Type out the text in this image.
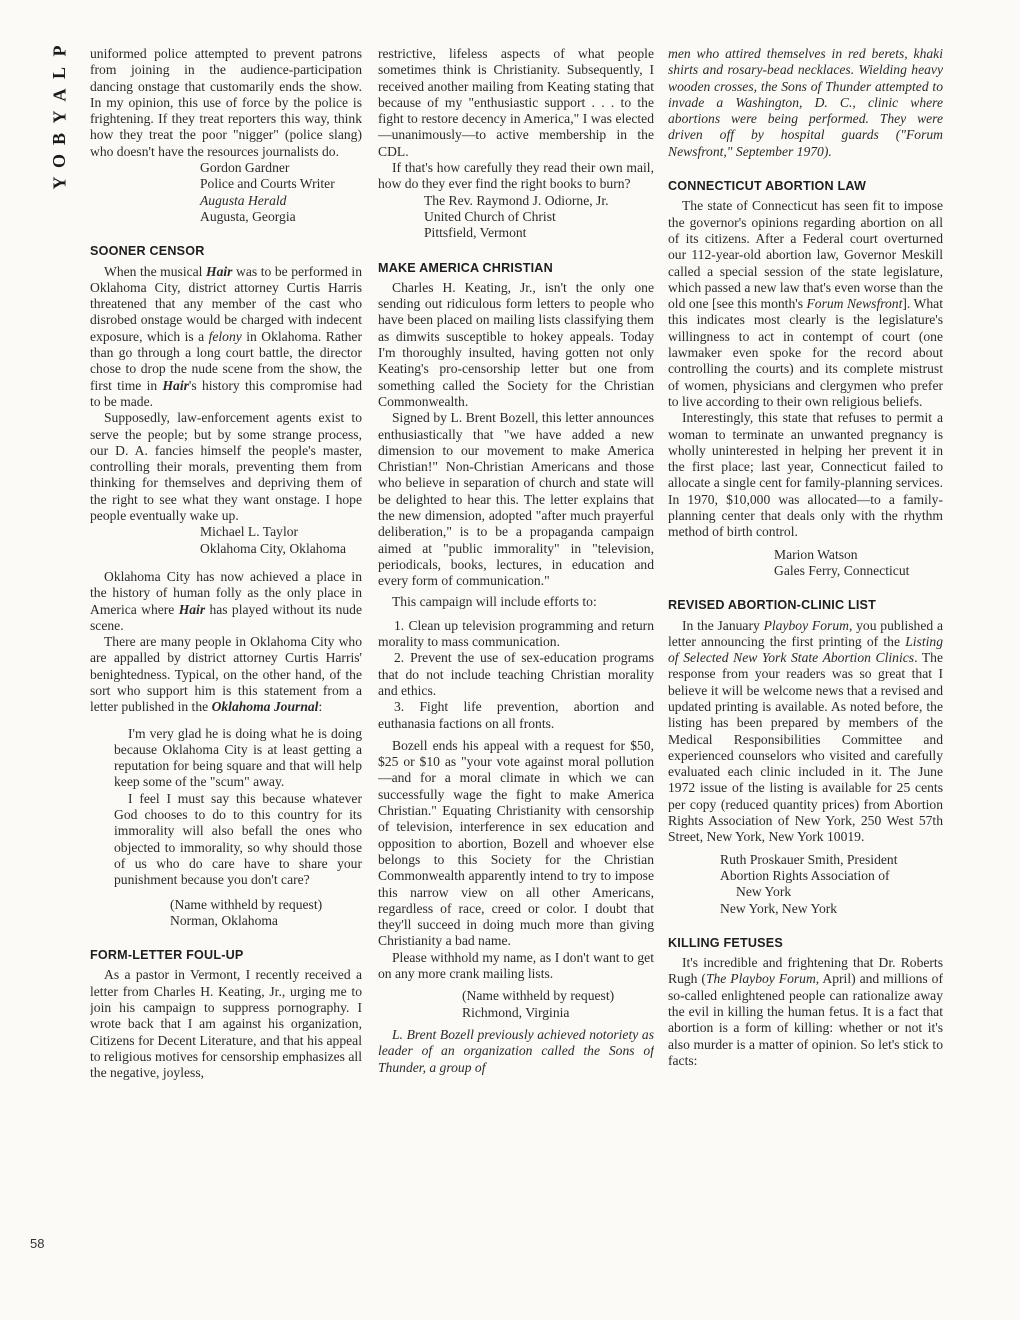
P
L
A
Y
B
O
Y
58

uniformed police attempted to prevent patrons from joining in the audience-participation dancing onstage that customarily ends the show. In my opinion, this use of force by the police is frightening. If they treat reporters this way, think how they treat the poor "nigger" (police slang) who doesn't have the resources journalists do.

Gordon Gardner
Police and Courts Writer
Augusta Herald
Augusta, Georgia
SOONER CENSOR

When the musical Hair was to be performed in Oklahoma City, district attorney Curtis Harris threatened that any member of the cast who disrobed onstage would be charged with indecent exposure, which is a felony in Oklahoma. Rather than go through a long court battle, the director chose to drop the nude scene from the show, the first time in Hair's history this compromise had to be made.

Supposedly, law-enforcement agents exist to serve the people; but by some strange process, our D. A. fancies himself the people's master, controlling their morals, preventing them from thinking for themselves and depriving them of the right to see what they want onstage. I hope people eventually wake up.

Michael L. Taylor
Oklahoma City, Oklahoma

Oklahoma City has now achieved a place in the history of human folly as the only place in America where Hair has played without its nude scene.

There are many people in Oklahoma City who are appalled by district attorney Curtis Harris' benightedness. Typical, on the other hand, of the sort who support him is this statement from a letter published in the Oklahoma Journal:

I'm very glad he is doing what he is doing because Oklahoma City is at least getting a reputation for being square and that will help keep some of the "scum" away.

I feel I must say this because whatever God chooses to do to this country for its immorality will also befall the ones who objected to immorality, so why should those of us who do care have to share your punishment because you don't care?

(Name withheld by request)
Norman, Oklahoma
FORM-LETTER FOUL-UP

As a pastor in Vermont, I recently received a letter from Charles H. Keating, Jr., urging me to join his campaign to suppress pornography. I wrote back that I am against his organization, Citizens for Decent Literature, and that his appeal to religious motives for censorship emphasizes all the negative, joyless,

restrictive, lifeless aspects of what people sometimes think is Christianity. Subsequently, I received another mailing from Keating stating that because of my "enthusiastic support . . . to the fight to restore decency in America," I was elected—unanimously—to active membership in the CDL.

If that's how carefully they read their own mail, how do they ever find the right books to burn?

The Rev. Raymond J. Odiorne, Jr.
United Church of Christ
Pittsfield, Vermont
MAKE AMERICA CHRISTIAN

Charles H. Keating, Jr., isn't the only one sending out ridiculous form letters to people who have been placed on mailing lists classifying them as dimwits susceptible to hokey appeals. Today I'm thoroughly insulted, having gotten not only Keating's pro-censorship letter but one from something called the Society for the Christian Commonwealth.

Signed by L. Brent Bozell, this letter announces enthusiastically that "we have added a new dimension to our movement to make America Christian!" Non-Christian Americans and those who believe in separation of church and state will be delighted to hear this. The letter explains that the new dimension, adopted "after much prayerful deliberation," is to be a propaganda campaign aimed at "public immorality" in "television, periodicals, books, lectures, in education and every form of communication."

This campaign will include efforts to:

1. Clean up television programming and return morality to mass communication.

2. Prevent the use of sex-education programs that do not include teaching Christian morality and ethics.

3. Fight life prevention, abortion and euthanasia factions on all fronts.

Bozell ends his appeal with a request for $50, $25 or $10 as "your vote against moral pollution—and for a moral climate in which we can successfully wage the fight to make America Christian." Equating Christianity with censorship of television, interference in sex education and opposition to abortion, Bozell and whoever else belongs to this Society for the Christian Commonwealth apparently intend to try to impose this narrow view on all other Americans, regardless of race, creed or color. I doubt that they'll succeed in doing much more than giving Christianity a bad name.

Please withhold my name, as I don't want to get on any more crank mailing lists.

(Name withheld by request)
Richmond, Virginia

L. Brent Bozell previously achieved notoriety as leader of an organization called the Sons of Thunder, a group of

men who attired themselves in red berets, khaki shirts and rosary-bead necklaces. Wielding heavy wooden crosses, the Sons of Thunder attempted to invade a Washington, D. C., clinic where abortions were being performed. They were driven off by hospital guards ("Forum Newsfront," September 1970).

CONNECTICUT ABORTION LAW

The state of Connecticut has seen fit to impose the governor's opinions regarding abortion on all of its citizens. After a Federal court overturned our 112-year-old abortion law, Governor Meskill called a special session of the state legislature, which passed a new law that's even worse than the old one [see this month's Forum Newsfront]. What this indicates most clearly is the legislature's willingness to act in contempt of court (one lawmaker even spoke for the record about controlling the courts) and its complete mistrust of women, physicians and clergymen who prefer to live according to their own religious beliefs.

Interestingly, this state that refuses to permit a woman to terminate an unwanted pregnancy is wholly uninterested in helping her prevent it in the first place; last year, Connecticut failed to allocate a single cent for family-planning services. In 1970, $10,000 was allocated—to a family-planning center that deals only with the rhythm method of birth control.

Marion Watson
Gales Ferry, Connecticut
REVISED ABORTION-CLINIC LIST

In the January Playboy Forum, you published a letter announcing the first printing of the Listing of Selected New York State Abortion Clinics. The response from your readers was so great that I believe it will be welcome news that a revised and updated printing is available. As noted before, the listing has been prepared by members of the Medical Responsibilities Committee and experienced counselors who visited and carefully evaluated each clinic included in it. The June 1972 issue of the listing is available for 25 cents per copy (reduced quantity prices) from Abortion Rights Association of New York, 250 West 57th Street, New York, New York 10019.

Ruth Proskauer Smith, President
Abortion Rights Association of
New York
New York, New York
KILLING FETUSES

It's incredible and frightening that Dr. Roberts Rugh (The Playboy Forum, April) and millions of so-called enlightened people can rationalize away the evil in killing the human fetus. It is a fact that abortion is a form of killing: whether or not it's also murder is a matter of opinion. So let's stick to facts:
